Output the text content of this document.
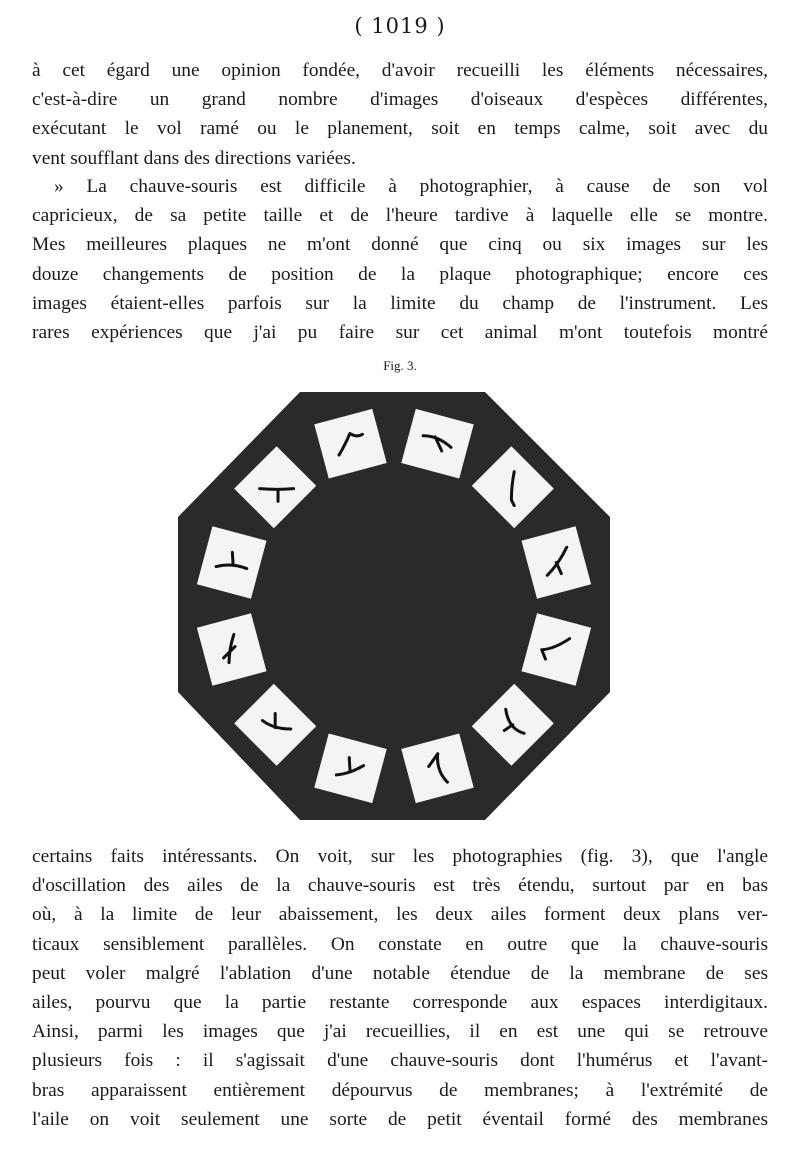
( 1019 )

à cet égard une opinion fondée, d'avoir recueilli les éléments nécessaires,
c'est-à-dire un grand nombre d'images d'oiseaux d'espèces différentes,
exécutant le vol ramé ou le planement, soit en temps calme, soit avec du
vent soufflant dans des directions variées.

» La chauve-souris est difficile à photographier, à cause de son vol
capricieux, de sa petite taille et de l'heure tardive à laquelle elle se montre.
Mes meilleures plaques ne m'ont donné que cinq ou six images sur les
douze changements de position de la plaque photographique; encore ces
images étaient-elles parfois sur la limite du champ de l'instrument. Les
rares expériences que j'ai pu faire sur cet animal m'ont toutefois montré

Fig. 3.

certains faits intéressants. On voit, sur les photographies (fig. 3), que l'angle
d'oscillation des ailes de la chauve-souris est très étendu, surtout par en bas
où, à la limite de leur abaissement, les deux ailes forment deux plans ver-
ticaux sensiblement parallèles. On constate en outre que la chauve-souris
peut voler malgré l'ablation d'une notable étendue de la membrane de ses
ailes, pourvu que la partie restante corresponde aux espaces interdigitaux.
Ainsi, parmi les images que j'ai recueillies, il en est une qui se retrouve
plusieurs fois : il s'agissait d'une chauve-souris dont l'humérus et l'avant-
bras apparaissent entièrement dépourvus de membranes; à l'extrémité de
l'aile on voit seulement une sorte de petit éventail formé des membranes
